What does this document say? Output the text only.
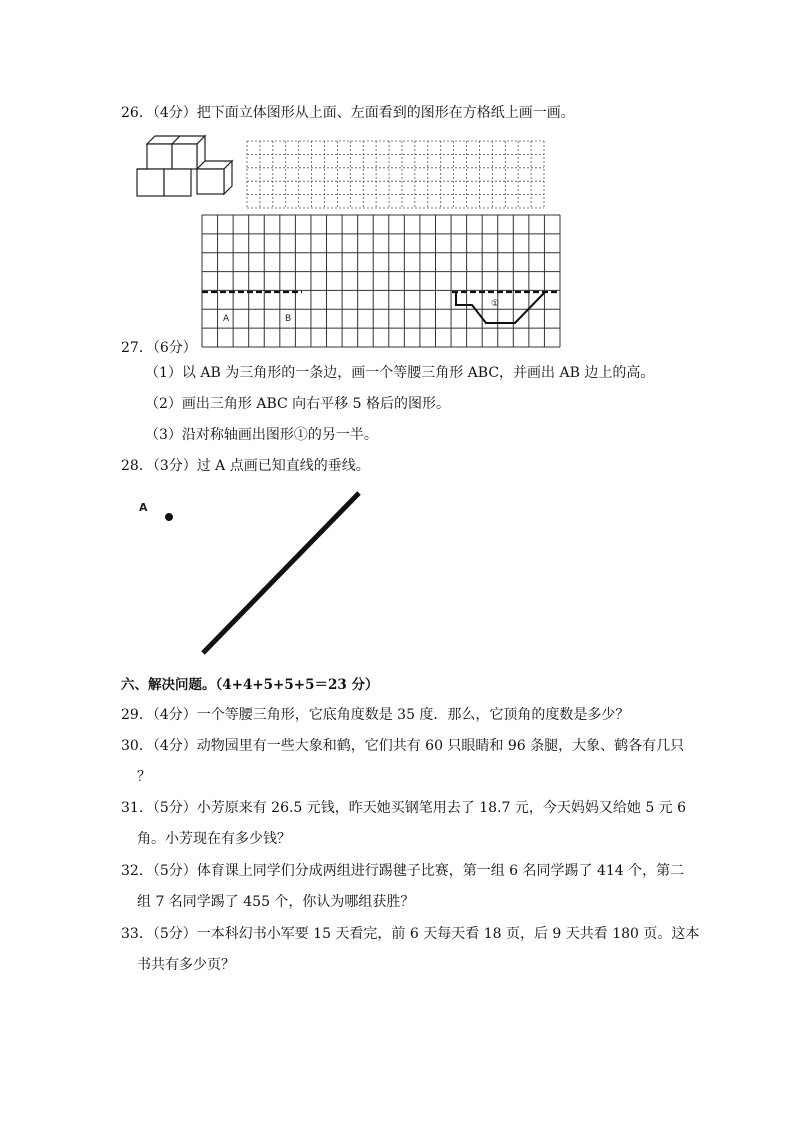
26．（4分）把下面立体图形从上面、左面看到的图形在方格纸上画一画。
A	B
①
27．（6分）
（1）以 AB 为三角形的一条边，画一个等腰三角形 ABC，并画出 AB 边上的高。
（2）画出三角形 ABC 向右平移 5 格后的图形。
（3）沿对称轴画出图形①的另一半。
28．（3分）过 A 点画已知直线的垂线。
A
六、解决问题。（4+4+5+5+5＝23 分）
29．（4分）一个等腰三角形，它底角度数是 35 度．那么，它顶角的度数是多少？
30．（4分）动物园里有一些大象和鹤，它们共有 60 只眼睛和 96 条腿，大象、鹤各有几只
？
31．（5分）小芳原来有 26.5 元钱，昨天她买钢笔用去了 18.7 元，今天妈妈又给她 5 元 6
角。小芳现在有多少钱？
32．（5分）体育课上同学们分成两组进行踢毽子比赛，第一组 6 名同学踢了 414 个，第二
组 7 名同学踢了 455 个，你认为哪组获胜？
33．（5分）一本科幻书小军要 15 天看完，前 6 天每天看 18 页，后 9 天共看 180 页。这本
书共有多少页？
